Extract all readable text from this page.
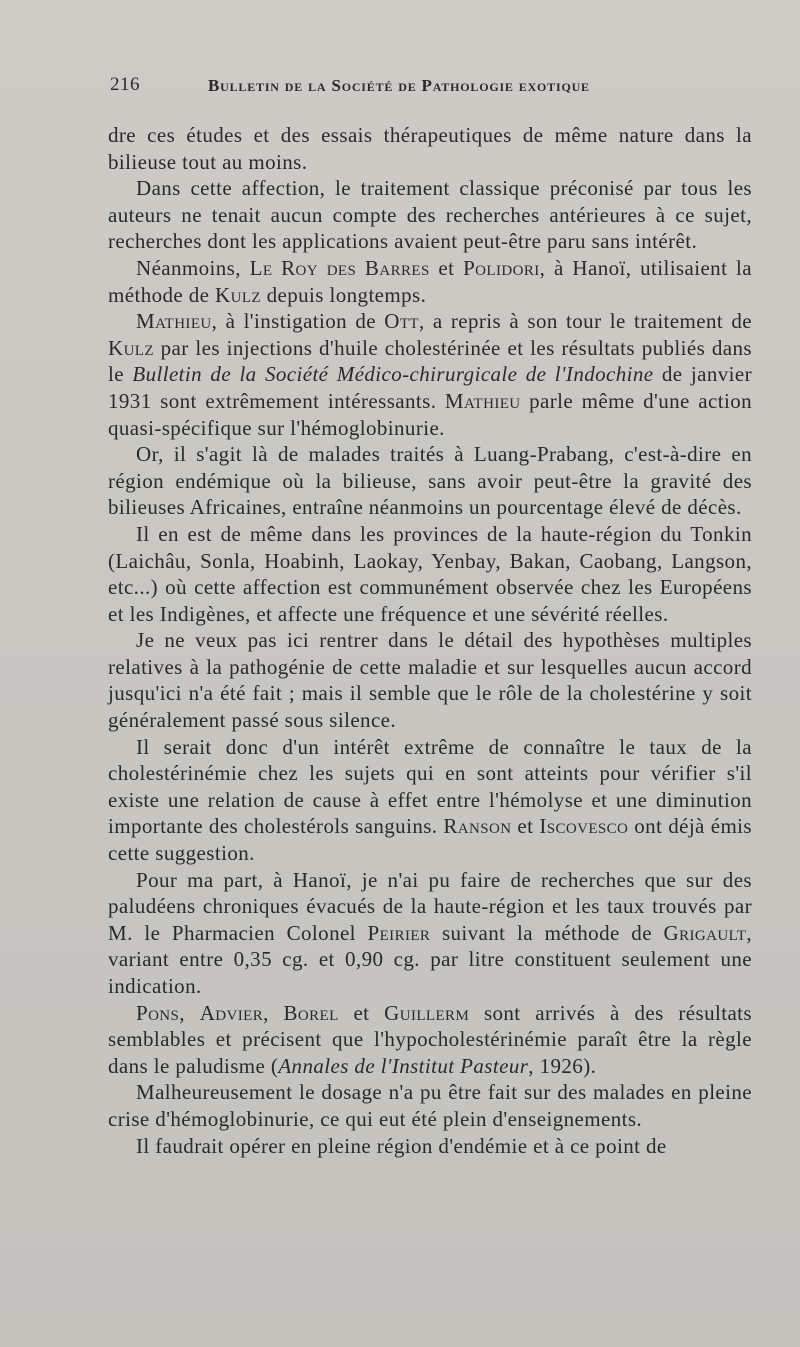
216	Bulletin de la Société de Pathologie exotique

dre ces études et des essais thérapeutiques de même nature dans la bilieuse tout au moins.

Dans cette affection, le traitement classique préconisé par tous les auteurs ne tenait aucun compte des recherches antérieures à ce sujet, recherches dont les applications avaient peut-être paru sans intérêt.

Néanmoins, Le Roy des Barres et Polidori, à Hanoï, utilisaient la méthode de Kulz depuis longtemps.

Mathieu, à l'instigation de Ott, a repris à son tour le traitement de Kulz par les injections d'huile cholestérinée et les résultats publiés dans le Bulletin de la Société Médico-chirurgicale de l'Indochine de janvier 1931 sont extrêmement intéressants. Mathieu parle même d'une action quasi-spécifique sur l'hémoglobinurie.

Or, il s'agit là de malades traités à Luang-Prabang, c'est-à-dire en région endémique où la bilieuse, sans avoir peut-être la gravité des bilieuses Africaines, entraîne néanmoins un pourcentage élevé de décès.

Il en est de même dans les provinces de la haute-région du Tonkin (Laichâu, Sonla, Hoabinh, Laokay, Yenbay, Bakan, Caobang, Langson, etc...) où cette affection est communément observée chez les Européens et les Indigènes, et affecte une fréquence et une sévérité réelles.

Je ne veux pas ici rentrer dans le détail des hypothèses multiples relatives à la pathogénie de cette maladie et sur lesquelles aucun accord jusqu'ici n'a été fait ; mais il semble que le rôle de la cholestérine y soit généralement passé sous silence.

Il serait donc d'un intérêt extrême de connaître le taux de la cholestérinémie chez les sujets qui en sont atteints pour vérifier s'il existe une relation de cause à effet entre l'hémolyse et une diminution importante des cholestérols sanguins. Ranson et Iscovesco ont déjà émis cette suggestion.

Pour ma part, à Hanoï, je n'ai pu faire de recherches que sur des paludéens chroniques évacués de la haute-région et les taux trouvés par M. le Pharmacien Colonel Peirier suivant la méthode de Grigault, variant entre 0,35 cg. et 0,90 cg. par litre constituent seulement une indication.

Pons, Advier, Borel et Guillerm sont arrivés à des résultats semblables et précisent que l'hypocholestérinémie paraît être la règle dans le paludisme (Annales de l'Institut Pasteur, 1926).

Malheureusement le dosage n'a pu être fait sur des malades en pleine crise d'hémoglobinurie, ce qui eut été plein d'enseignements.

Il faudrait opérer en pleine région d'endémie et à ce point de
